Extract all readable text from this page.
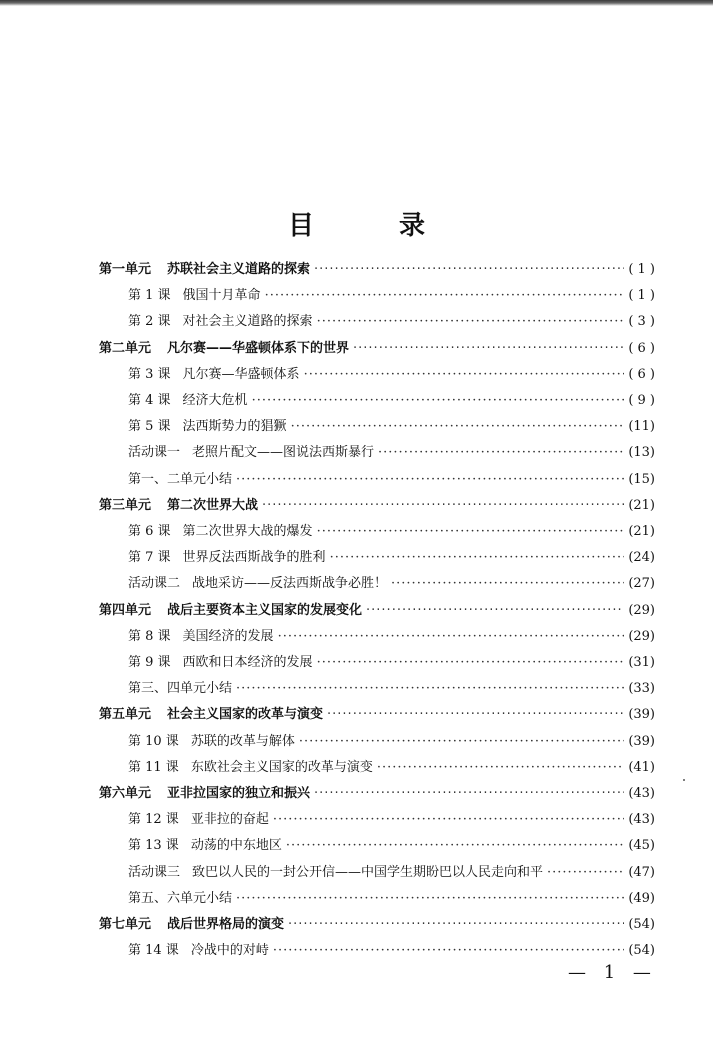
目 录
第一单元 苏联社会主义道路的探索 ·····	( 1 )
第 1 课 俄国十月革命 ·····	( 1 )
第 2 课 对社会主义道路的探索 ·····	( 3 )
第二单元 凡尔赛——华盛顿体系下的世界 ·····	( 6 )
第 3 课 凡尔赛—华盛顿体系 ·····	( 6 )
第 4 课 经济大危机 ·····	( 9 )
第 5 课 法西斯势力的猖獗 ·····	(11)
活动课一 老照片配文——图说法西斯暴行 ·····	(13)
第一、二单元小结 ·····	(15)
第三单元 第二次世界大战 ·····	(21)
第 6 课 第二次世界大战的爆发 ·····	(21)
第 7 课 世界反法西斯战争的胜利 ·····	(24)
活动课二 战地采访——反法西斯战争必胜！ ·····	(27)
第四单元 战后主要资本主义国家的发展变化 ·····	(29)
第 8 课 美国经济的发展 ·····	(29)
第 9 课 西欧和日本经济的发展 ·····	(31)
第三、四单元小结 ·····	(33)
第五单元 社会主义国家的改革与演变 ·····	(39)
第 10 课 苏联的改革与解体 ·····	(39)
第 11 课 东欧社会主义国家的改革与演变 ·····	(41)
第六单元 亚非拉国家的独立和振兴 ·····	(43)
第 12 课 亚非拉的奋起 ·····	(43)
第 13 课 动荡的中东地区 ·····	(45)
活动课三 致巴以人民的一封公开信——中国学生期盼巴以人民走向和平 ·····	(47)
第五、六单元小结 ·····	(49)
第七单元 战后世界格局的演变 ·····	(54)
第 14 课 冷战中的对峙 ·····	(54)
— 1 —
